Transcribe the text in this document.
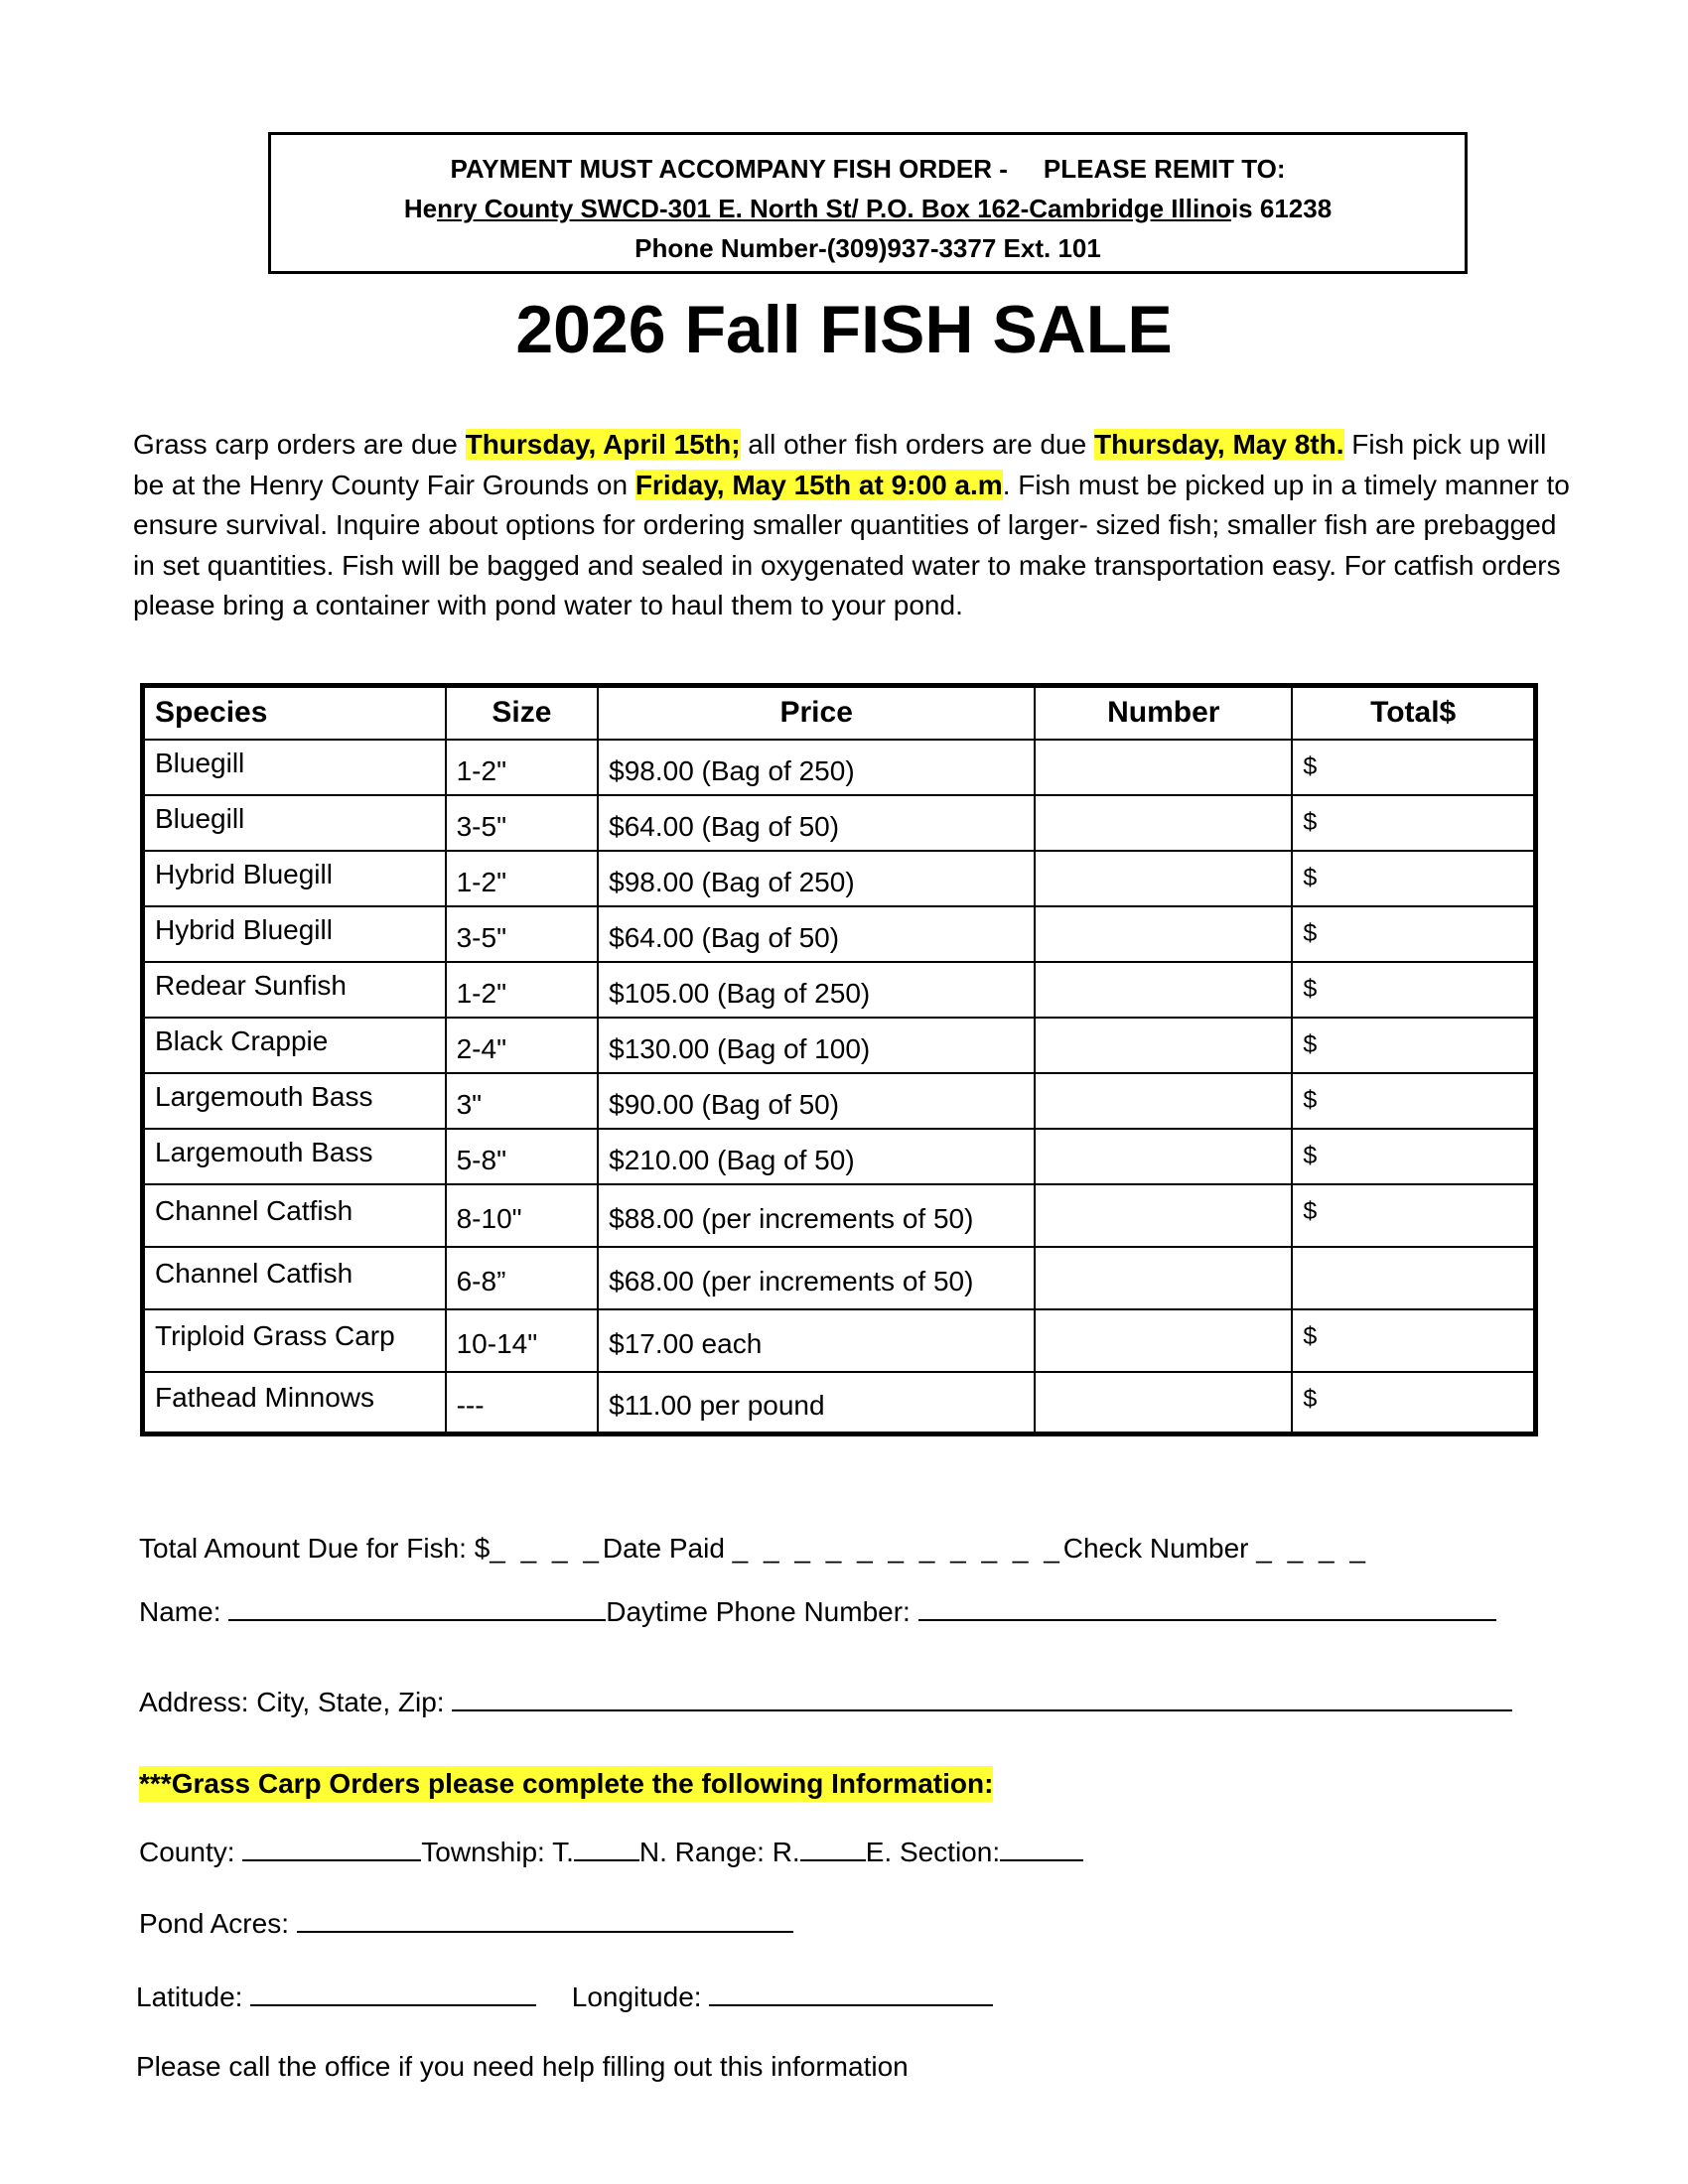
PAYMENT MUST ACCOMPANY FISH ORDER - PLEASE REMIT TO:
Henry County SWCD-301 E. North St/ P.O. Box 162-Cambridge Illinois 61238
Phone Number-(309)937-3377 Ext. 101
2026 Fall FISH SALE
Grass carp orders are due Thursday, April 15th; all other fish orders are due Thursday, May 8th. Fish pick up will be at the Henry County Fair Grounds on Friday, May 15th at 9:00 a.m. Fish must be picked up in a timely manner to ensure survival. Inquire about options for ordering smaller quantities of larger- sized fish; smaller fish are prebagged in set quantities. Fish will be bagged and sealed in oxygenated water to make transportation easy. For catfish orders please bring a container with pond water to haul them to your pond.
Species	Size	Price	Number	Total$
Bluegill	1-2"	$98.00 (Bag of 250)		$
Bluegill	3-5"	$64.00 (Bag of 50)		$
Hybrid Bluegill	1-2"	$98.00 (Bag of 250)		$
Hybrid Bluegill	3-5"	$64.00 (Bag of 50)		$
Redear Sunfish	1-2"	$105.00 (Bag of 250)		$
Black Crappie	2-4"	$130.00 (Bag of 100)		$
Largemouth Bass	3"	$90.00 (Bag of 50)		$
Largemouth Bass	5-8"	$210.00 (Bag of 50)		$
Channel Catfish	8-10"	$88.00 (per increments of 50)		$
Channel Catfish	6-8”	$68.00 (per increments of 50)		
Triploid Grass Carp	10-14"	$17.00 each		$
Fathead Minnows	---	$11.00 per pound		$
Total Amount Due for Fish: $_ _ _ _Date Paid _ _ _ _ _ _ _ _ _ _ _Check Number _ _ _ _
Name:	Daytime Phone Number:
Address: City, State, Zip:
***Grass Carp Orders please complete the following Information:
County:	Township: T. N. Range: R. E. Section:
Pond Acres:
Latitude:	Longitude:
Please call the office if you need help filling out this information
